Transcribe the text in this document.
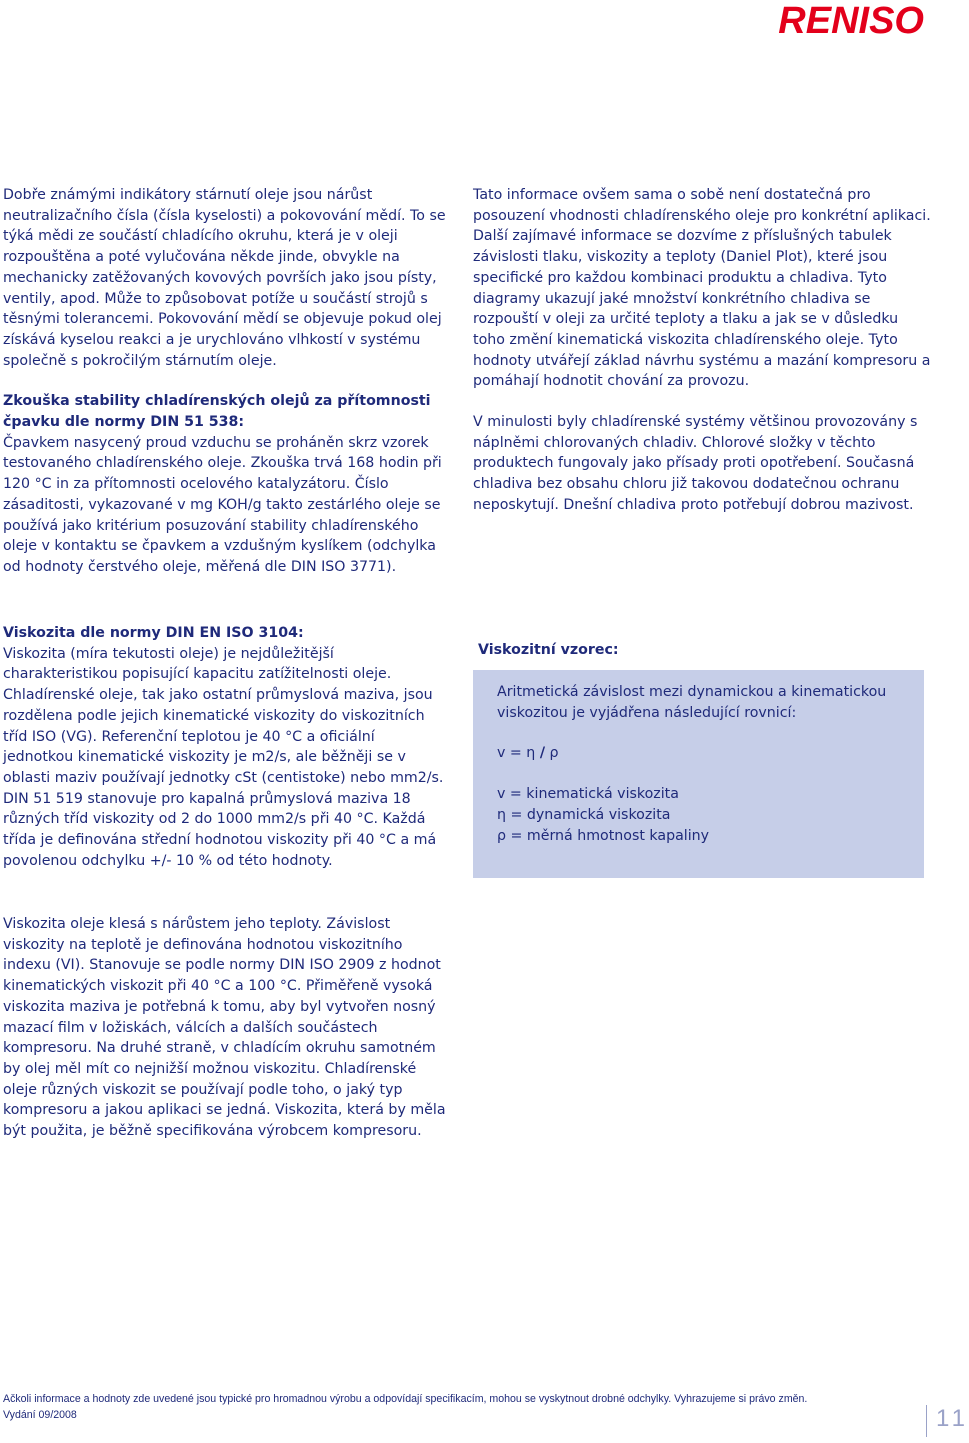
RENISO

Dobře známými indikátory stárnutí oleje jsou nárůst neutralizačního čísla (čísla kyselosti) a pokovování mědí. To se týká mědi ze součástí chladícího okruhu, která je v oleji rozpouštěna a poté vylučována někde jinde, obvykle na mechanicky zatěžovaných kovových površích jako jsou písty, ventily, apod. Může to způsobovat potíže u součástí strojů s těsnými tolerancemi. Pokovování mědí se objevuje pokud olej získává kyselou reakci a je urychlováno vlhkostí v systému společně s pokročilým stárnutím oleje.

Zkouška stability chladírenských olejů za přítomnosti čpavku dle normy DIN 51 538:

Čpavkem nasycený proud vzduchu se proháněn skrz vzorek testovaného chladírenského oleje. Zkouška trvá 168 hodin při 120 °C in za přítomnosti ocelového katalyzátoru. Číslo zásaditosti, vykazované v mg KOH/g takto zestárlého oleje se používá jako kritérium posuzování stability chladírenského oleje v kontaktu se čpavkem a vzdušným kyslíkem (odchylka od hodnoty čerstvého oleje, měřená dle DIN ISO 3771).

Viskozita dle normy DIN EN ISO 3104:

Viskozita (míra tekutosti oleje) je nejdůležitější charakteristikou popisující kapacitu zatížitelnosti oleje. Chladírenské oleje, tak jako ostatní průmyslová maziva, jsou rozdělena podle jejich kinematické viskozity do viskozitních tříd ISO (VG). Referenční teplotou je 40 °C a oficiální jednotkou kinematické viskozity je m2/s, ale běžněji se v oblasti maziv používají jednotky cSt (centistoke) nebo mm2/s. DIN 51 519 stanovuje pro kapalná průmyslová maziva 18 různých tříd viskozity od 2 do 1000 mm2/s při 40 °C. Každá třída je definována střední hodnotou viskozity při 40 °C a má povolenou odchylku +/- 10 % od této hodnoty.

Viskozita oleje klesá s nárůstem jeho teploty. Závislost viskozity na teplotě je definována hodnotou viskozitního indexu (VI). Stanovuje se podle normy DIN ISO 2909 z hodnot kinematických viskozit při 40 °C a 100 °C. Přiměřeně vysoká viskozita maziva je potřebná k tomu, aby byl vytvořen nosný mazací film v ložiskách, válcích a dalších součástech kompresoru. Na druhé straně, v chladícím okruhu samotném by olej měl mít co nejnižší možnou viskozitu. Chladírenské oleje různých viskozit se používají podle toho, o jaký typ kompresoru a jakou aplikaci se jedná. Viskozita, která by měla být použita, je běžně specifikována výrobcem kompresoru.

Tato informace ovšem sama o sobě není dostatečná pro posouzení vhodnosti chladírenského oleje pro konkrétní aplikaci. Další zajímavé informace se dozvíme z příslušných tabulek závislosti tlaku, viskozity a teploty (Daniel Plot), které jsou specifické pro každou kombinaci produktu a chladiva. Tyto diagramy ukazují jaké množství konkrétního chladiva se rozpouští v oleji za určité teploty a tlaku a jak se v důsledku toho změní kinematická viskozita chladírenského oleje. Tyto hodnoty utvářejí základ návrhu systému a mazání kompresoru a pomáhají hodnotit chování za provozu.

V minulosti byly chladírenské systémy většinou provozovány s náplněmi chlorovaných chladiv. Chlorové složky v těchto produktech fungovaly jako přísady proti opotřebení. Současná chladiva bez obsahu chloru již takovou dodatečnou ochranu neposkytují. Dnešní chladiva proto potřebují dobrou mazivost.

Viskozitní vzorec:

Aritmetická závislost mezi dynamickou a kinematickou viskozitou je vyjádřena následující rovnicí:

v = η / ρ

v = kinematická viskozita

η = dynamická viskozita

ρ = měrná hmotnost kapaliny

Ačkoli informace a hodnoty zde uvedené jsou typické pro hromadnou výrobu a odpovídají specifikacím, mohou se vyskytnout drobné odchylky. Vyhrazujeme si právo změn.
Vydání 09/2008	11
